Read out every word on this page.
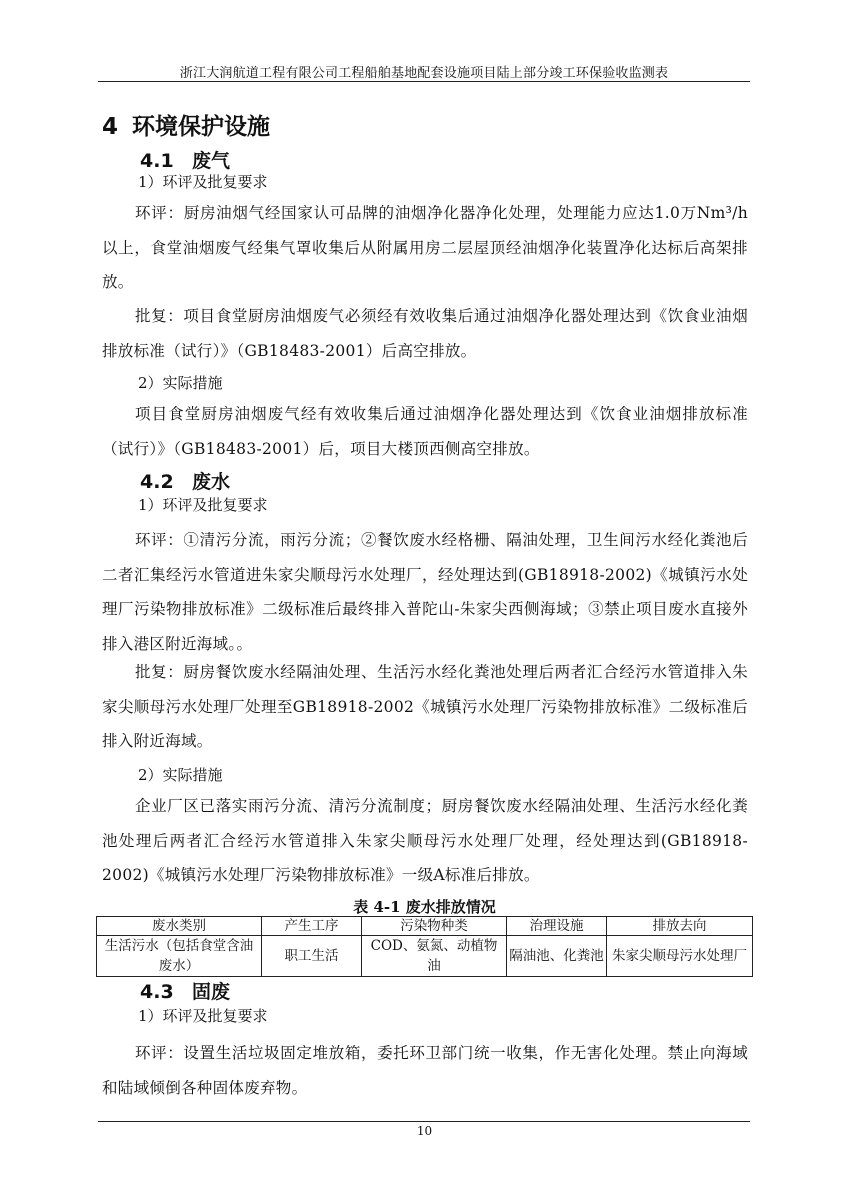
浙江大润航道工程有限公司工程船舶基地配套设施项目陆上部分竣工环保验收监测表
4 环境保护设施
4.1 废气
1）环评及批复要求

环评：厨房油烟气经国家认可品牌的油烟净化器净化处理，处理能力应达1.0万Nm³/h以上，食堂油烟废气经集气罩收集后从附属用房二层屋顶经油烟净化装置净化达标后高架排放。

批复：项目食堂厨房油烟废气必须经有效收集后通过油烟净化器处理达到《饮食业油烟排放标准（试行）》（GB18483-2001）后高空排放。

2）实际措施

项目食堂厨房油烟废气经有效收集后通过油烟净化器处理达到《饮食业油烟排放标准（试行）》（GB18483-2001）后，项目大楼顶西侧高空排放。

4.2 废水
1）环评及批复要求

环评：①清污分流，雨污分流；②餐饮废水经格栅、隔油处理，卫生间污水经化粪池后二者汇集经污水管道进朱家尖顺母污水处理厂，经处理达到(GB18918-2002)《城镇污水处理厂污染物排放标准》二级标准后最终排入普陀山-朱家尖西侧海域；③禁止项目废水直接外排入港区附近海域。。

批复：厨房餐饮废水经隔油处理、生活污水经化粪池处理后两者汇合经污水管道排入朱家尖顺母污水处理厂处理至GB18918-2002《城镇污水处理厂污染物排放标准》二级标准后排入附近海域。

2）实际措施

企业厂区已落实雨污分流、清污分流制度；厨房餐饮废水经隔油处理、生活污水经化粪池处理后两者汇合经污水管道排入朱家尖顺母污水处理厂处理，经处理达到(GB18918-2002)《城镇污水处理厂污染物排放标准》一级A标准后排放。

表 4-1 废水排放情况
废水类别	产生工序	污染物种类	治理设施	排放去向
生活污水（包括食堂含油废水）	职工生活	COD、氨氮、动植物油	隔油池、化粪池	朱家尖顺母污水处理厂
4.3 固废
1）环评及批复要求

环评：设置生活垃圾固定堆放箱，委托环卫部门统一收集，作无害化处理。禁止向海域和陆域倾倒各种固体废弃物。

10
